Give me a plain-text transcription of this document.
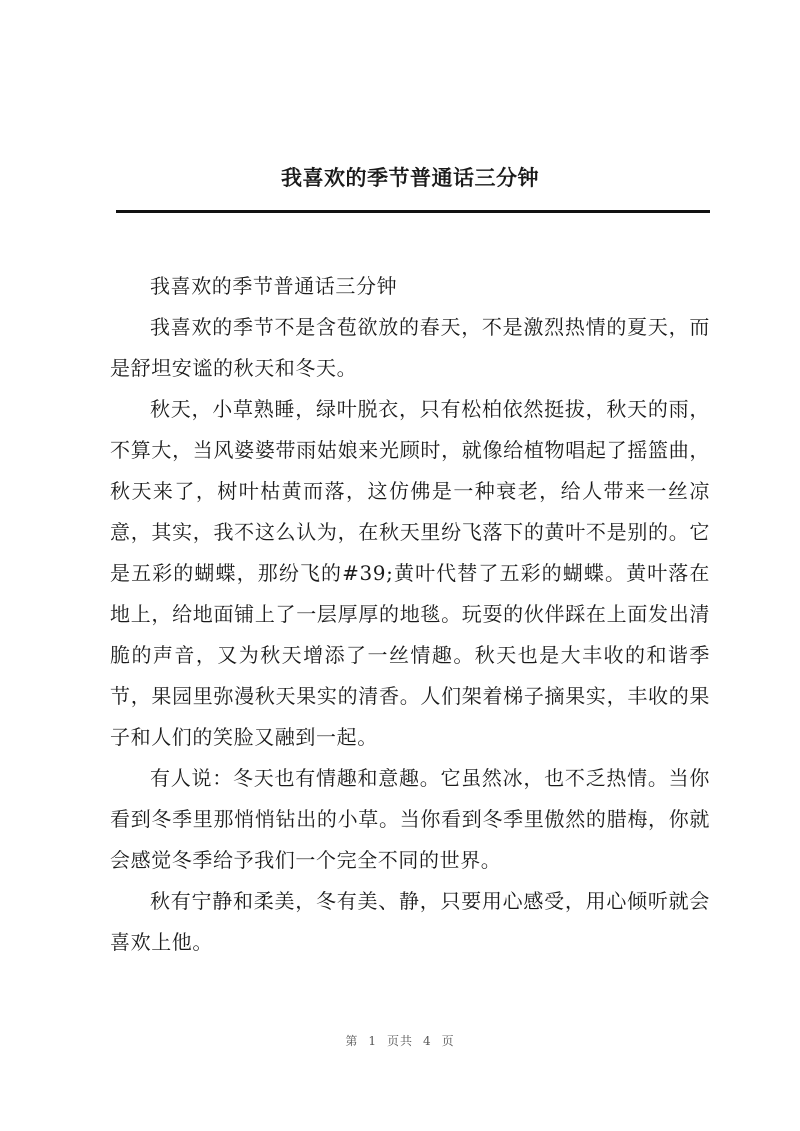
我喜欢的季节普通话三分钟

我喜欢的季节普通话三分钟

我喜欢的季节不是含苞欲放的春天，不是激烈热情的夏天，而是舒坦安谧的秋天和冬天。

秋天，小草熟睡，绿叶脱衣，只有松柏依然挺拔，秋天的雨，不算大，当风婆婆带雨姑娘来光顾时，就像给植物唱起了摇篮曲，秋天来了，树叶枯黄而落，这仿佛是一种衰老，给人带来一丝凉意，其实，我不这么认为，在秋天里纷飞落下的黄叶不是别的。它是五彩的蝴蝶，那纷飞的#39;黄叶代替了五彩的蝴蝶。黄叶落在地上，给地面铺上了一层厚厚的地毯。玩耍的伙伴踩在上面发出清脆的声音，又为秋天增添了一丝情趣。秋天也是大丰收的和谐季节，果园里弥漫秋天果实的清香。人们架着梯子摘果实，丰收的果子和人们的笑脸又融到一起。

有人说：冬天也有情趣和意趣。它虽然冰，也不乏热情。当你看到冬季里那悄悄钻出的小草。当你看到冬季里傲然的腊梅，你就会感觉冬季给予我们一个完全不同的世界。

秋有宁静和柔美，冬有美、静，只要用心感受，用心倾听就会喜欢上他。

第 1 页共 4 页
